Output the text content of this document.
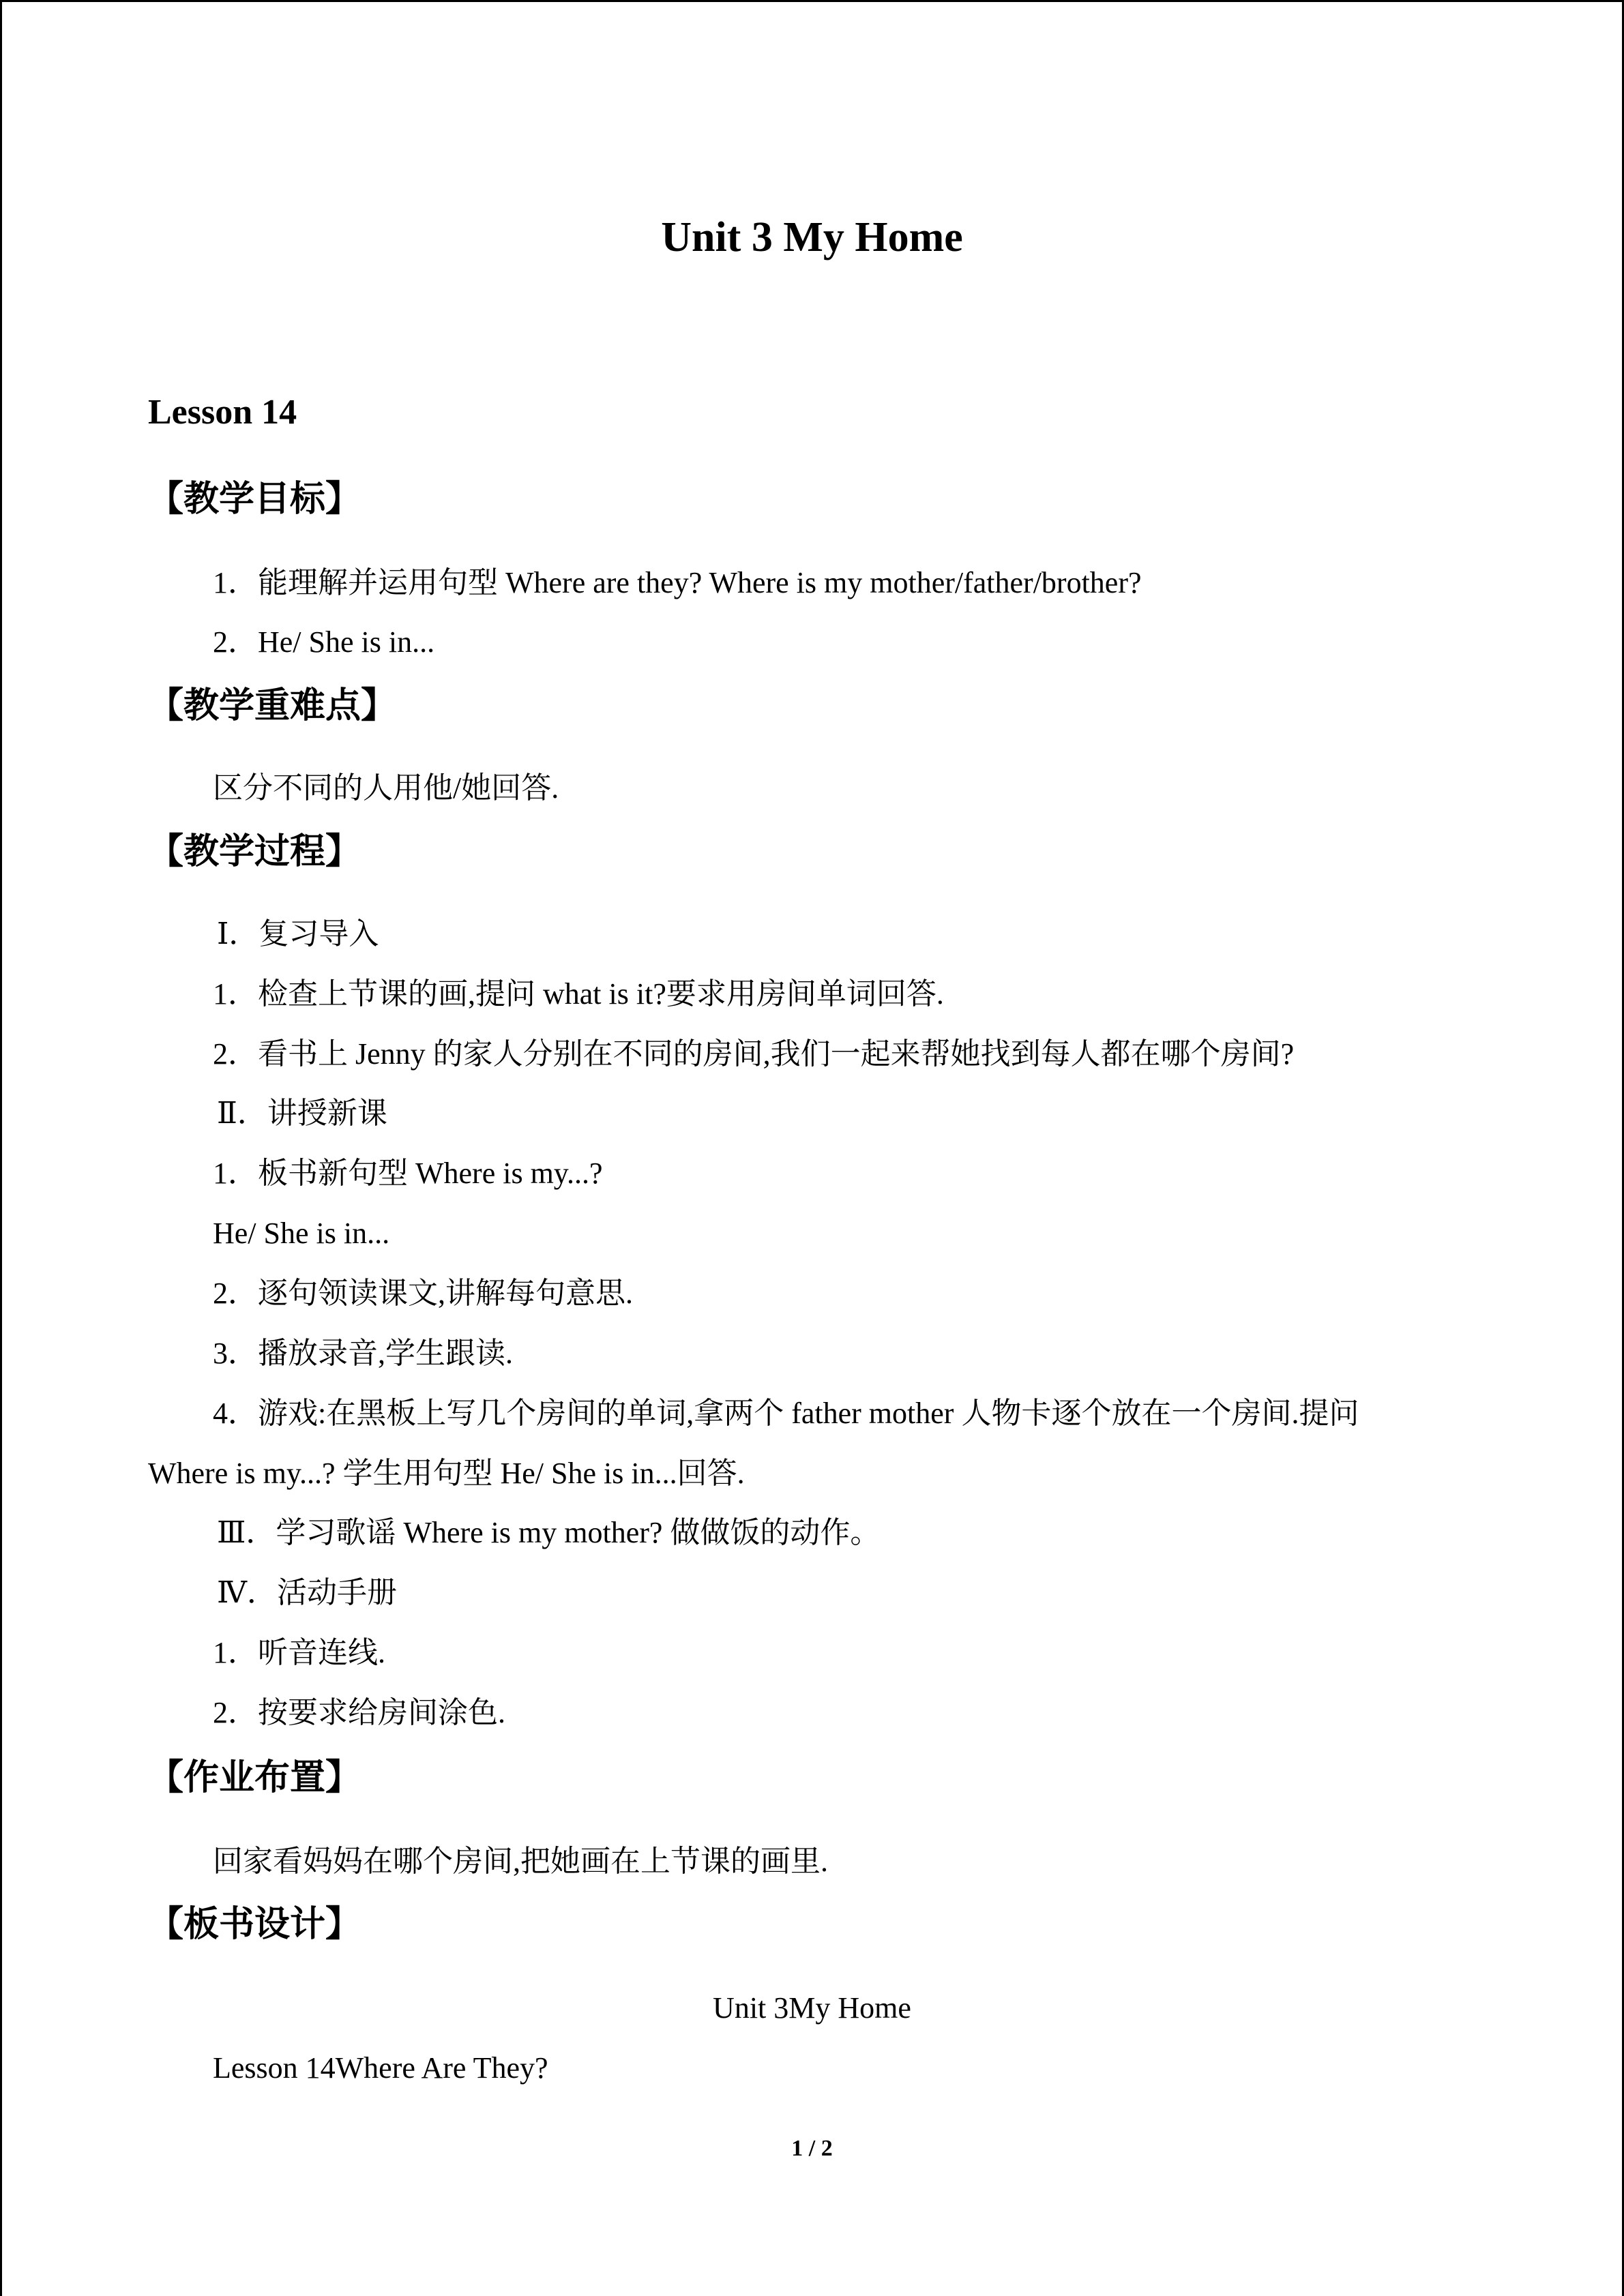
Unit 3 My Home
Lesson 14
【教学目标】
1．能理解并运用句型 Where are they? Where is my mother/father/brother?
2．He/ She is in...
【教学重难点】
区分不同的人用他/她回答.
【教学过程】
Ⅰ．复习导入
1．检查上节课的画,提问 what is it?要求用房间单词回答.
2．看书上 Jenny 的家人分别在不同的房间,我们一起来帮她找到每人都在哪个房间?
Ⅱ．讲授新课
1．板书新句型 Where is my...?
He/ She is in...
2．逐句领读课文,讲解每句意思.
3．播放录音,学生跟读.
4．游戏:在黑板上写几个房间的单词,拿两个 father mother 人物卡逐个放在一个房间.提问
Where is my...? 学生用句型 He/ She is in...回答.
Ⅲ．学习歌谣 Where is my mother? 做做饭的动作。
Ⅳ．活动手册
1．听音连线.
2．按要求给房间涂色.
【作业布置】
回家看妈妈在哪个房间,把她画在上节课的画里.
【板书设计】
Unit 3My Home
Lesson 14Where Are They?
1 / 2
